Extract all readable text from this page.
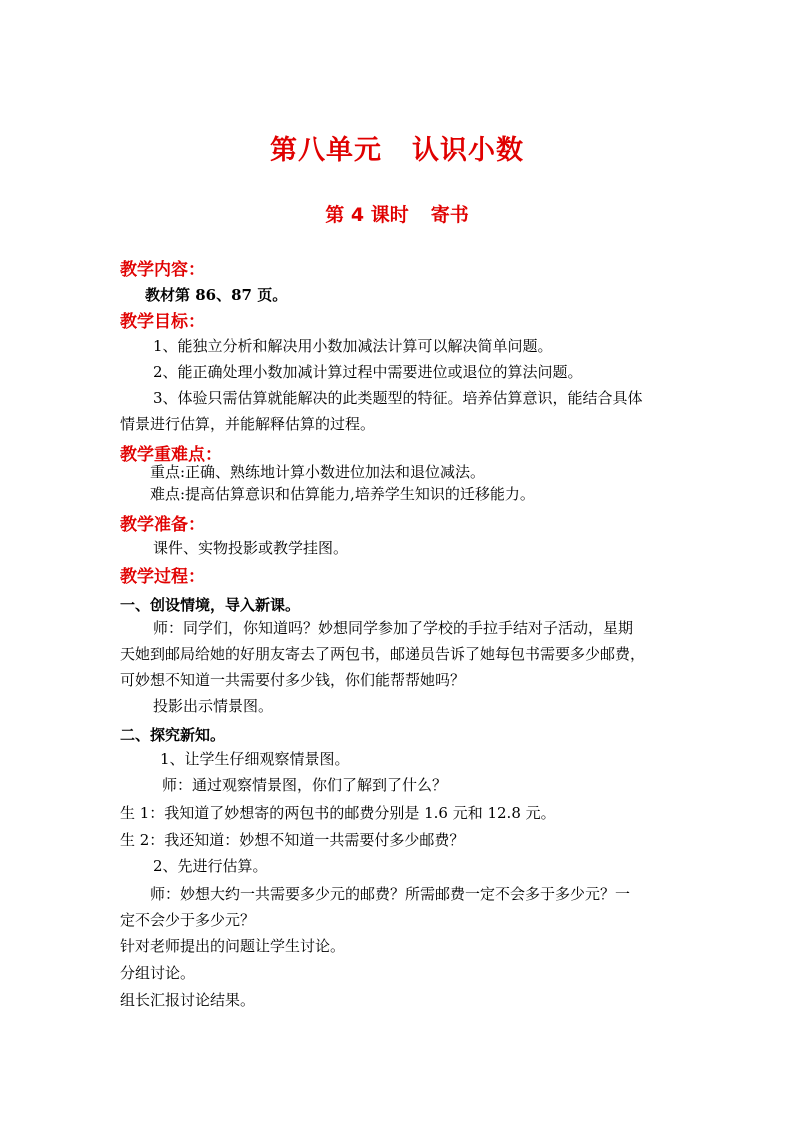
第八单元 认识小数
第 4 课时 寄书
教学内容：
教材第 86、87 页。
教学目标：
1、能独立分析和解决用小数加减法计算可以解决简单问题。
2、能正确处理小数加减计算过程中需要进位或退位的算法问题。
3、体验只需估算就能解决的此类题型的特征。培养估算意识，能结合具体
情景进行估算，并能解释估算的过程。
教学重难点：
重点:正确、熟练地计算小数进位加法和退位减法。
难点:提高估算意识和估算能力,培养学生知识的迁移能力。
教学准备：
课件、实物投影或教学挂图。
教学过程：
一、创设情境，导入新课。
师：同学们，你知道吗？妙想同学参加了学校的手拉手结对子活动，星期
天她到邮局给她的好朋友寄去了两包书，邮递员告诉了她每包书需要多少邮费，
可妙想不知道一共需要付多少钱，你们能帮帮她吗？
投影出示情景图。
二、探究新知。
1、让学生仔细观察情景图。
师：通过观察情景图，你们了解到了什么？
生 1：我知道了妙想寄的两包书的邮费分别是 1.6 元和 12.8 元。
生 2：我还知道：妙想不知道一共需要付多少邮费？
2、先进行估算。
师：妙想大约一共需要多少元的邮费？所需邮费一定不会多于多少元？一
定不会少于多少元？
针对老师提出的问题让学生讨论。
分组讨论。
组长汇报讨论结果。
